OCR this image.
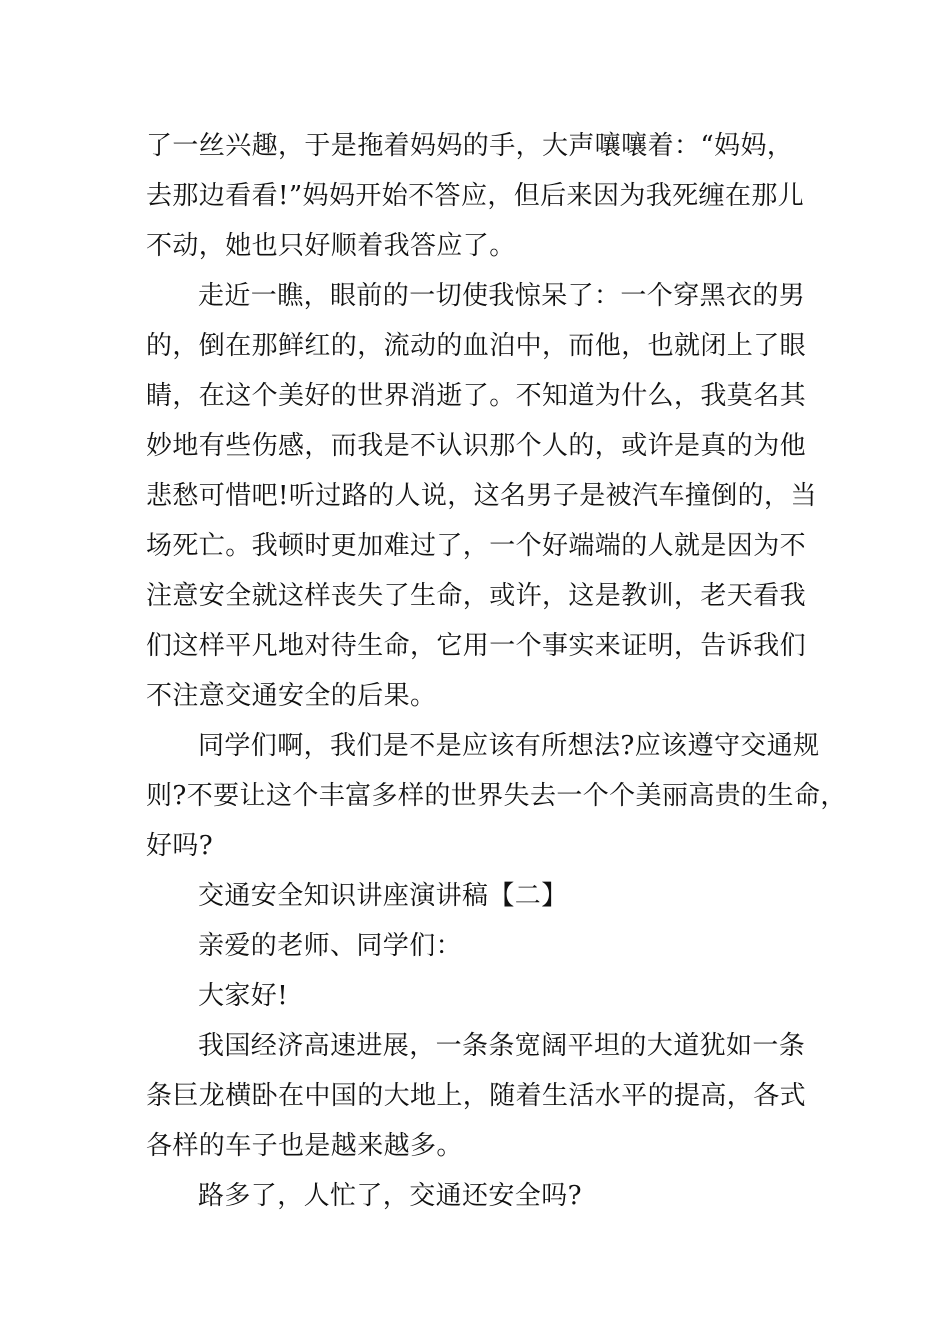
了一丝兴趣，于是拖着妈妈的手，大声嚷嚷着：“妈妈，
去那边看看!”妈妈开始不答应，但后来因为我死缠在那儿
不动，她也只好顺着我答应了。
走近一瞧，眼前的一切使我惊呆了：一个穿黑衣的男
的，倒在那鲜红的，流动的血泊中，而他，也就闭上了眼
睛，在这个美好的世界消逝了。不知道为什么，我莫名其
妙地有些伤感，而我是不认识那个人的，或许是真的为他
悲愁可惜吧!听过路的人说，这名男子是被汽车撞倒的，当
场死亡。我顿时更加难过了，一个好端端的人就是因为不
注意安全就这样丧失了生命，或许，这是教训，老天看我
们这样平凡地对待生命，它用一个事实来证明，告诉我们
不注意交通安全的后果。
同学们啊，我们是不是应该有所想法?应该遵守交通规
则?不要让这个丰富多样的世界失去一个个美丽高贵的生命，
好吗?
交通安全知识讲座演讲稿【二】
亲爱的老师、同学们：
大家好!
我国经济高速进展，一条条宽阔平坦的大道犹如一条
条巨龙横卧在中国的大地上，随着生活水平的提高，各式
各样的车子也是越来越多。
路多了，人忙了，交通还安全吗?
